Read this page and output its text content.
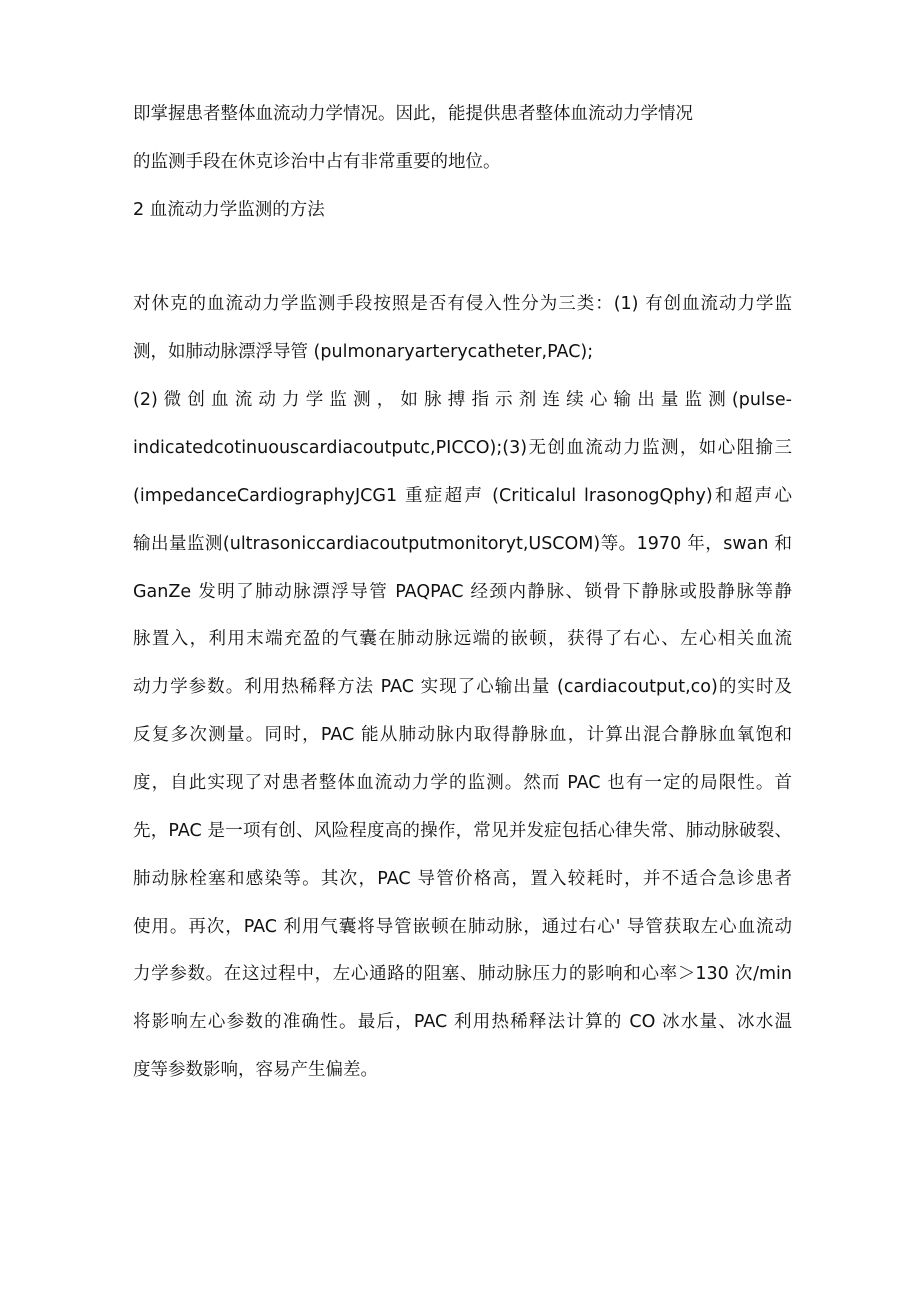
即掌握患者整体血流动力学情况。因此，能提供患者整体血流动力学情况
的监测手段在休克诊治中占有非常重要的地位。
2 血流动力学监测的方法
对休克的血流动力学监测手段按照是否有侵入性分为三类：(1) 有创血流动力学监
测，如肺动脉漂浮导管 (pulmonaryarterycatheter,PAC);
(2) 微 创 血 流 动 力 学 监 测 ， 如 脉 搏 指 示 剂 连 续 心 输 出 量 监 测 (pulse-
indicatedcotinuouscardiacoutputc,PICCO);(3)无创血流动力监测，如心阻揄三
(impedanceCardiographyJCG1 重症超声 (Criticalul lrasonogQphy)和超声心
输出量监测(ultrasoniccardiacoutputmonitoryt,USCOM)等。1970 年，swan 和
GanZe 发明了肺动脉漂浮导管 PAQPAC 经颈内静脉、锁骨下静脉或股静脉等静
脉置入，利用末端充盈的气囊在肺动脉远端的嵌顿，获得了右心、左心相关血流
动力学参数。利用热稀释方法 PAC 实现了心输出量 (cardiacoutput,co)的实时及
反复多次测量。同时，PAC 能从肺动脉内取得静脉血，计算出混合静脉血氧饱和
度，自此实现了对患者整体血流动力学的监测。然而 PAC 也有一定的局限性。首
先，PAC 是一项有创、风险程度高的操作，常见并发症包括心律失常、肺动脉破裂、
肺动脉栓塞和感染等。其次，PAC 导管价格高，置入较耗时，并不适合急诊患者
使用。再次，PAC 利用气囊将导管嵌顿在肺动脉，通过右心' 导管获取左心血流动
力学参数。在这过程中，左心通路的阻塞、肺动脉压力的影响和心率＞130 次/min
将影响左心参数的准确性。最后，PAC 利用热稀释法计算的 CO 冰水量、冰水温
度等参数影响，容易产生偏差。
